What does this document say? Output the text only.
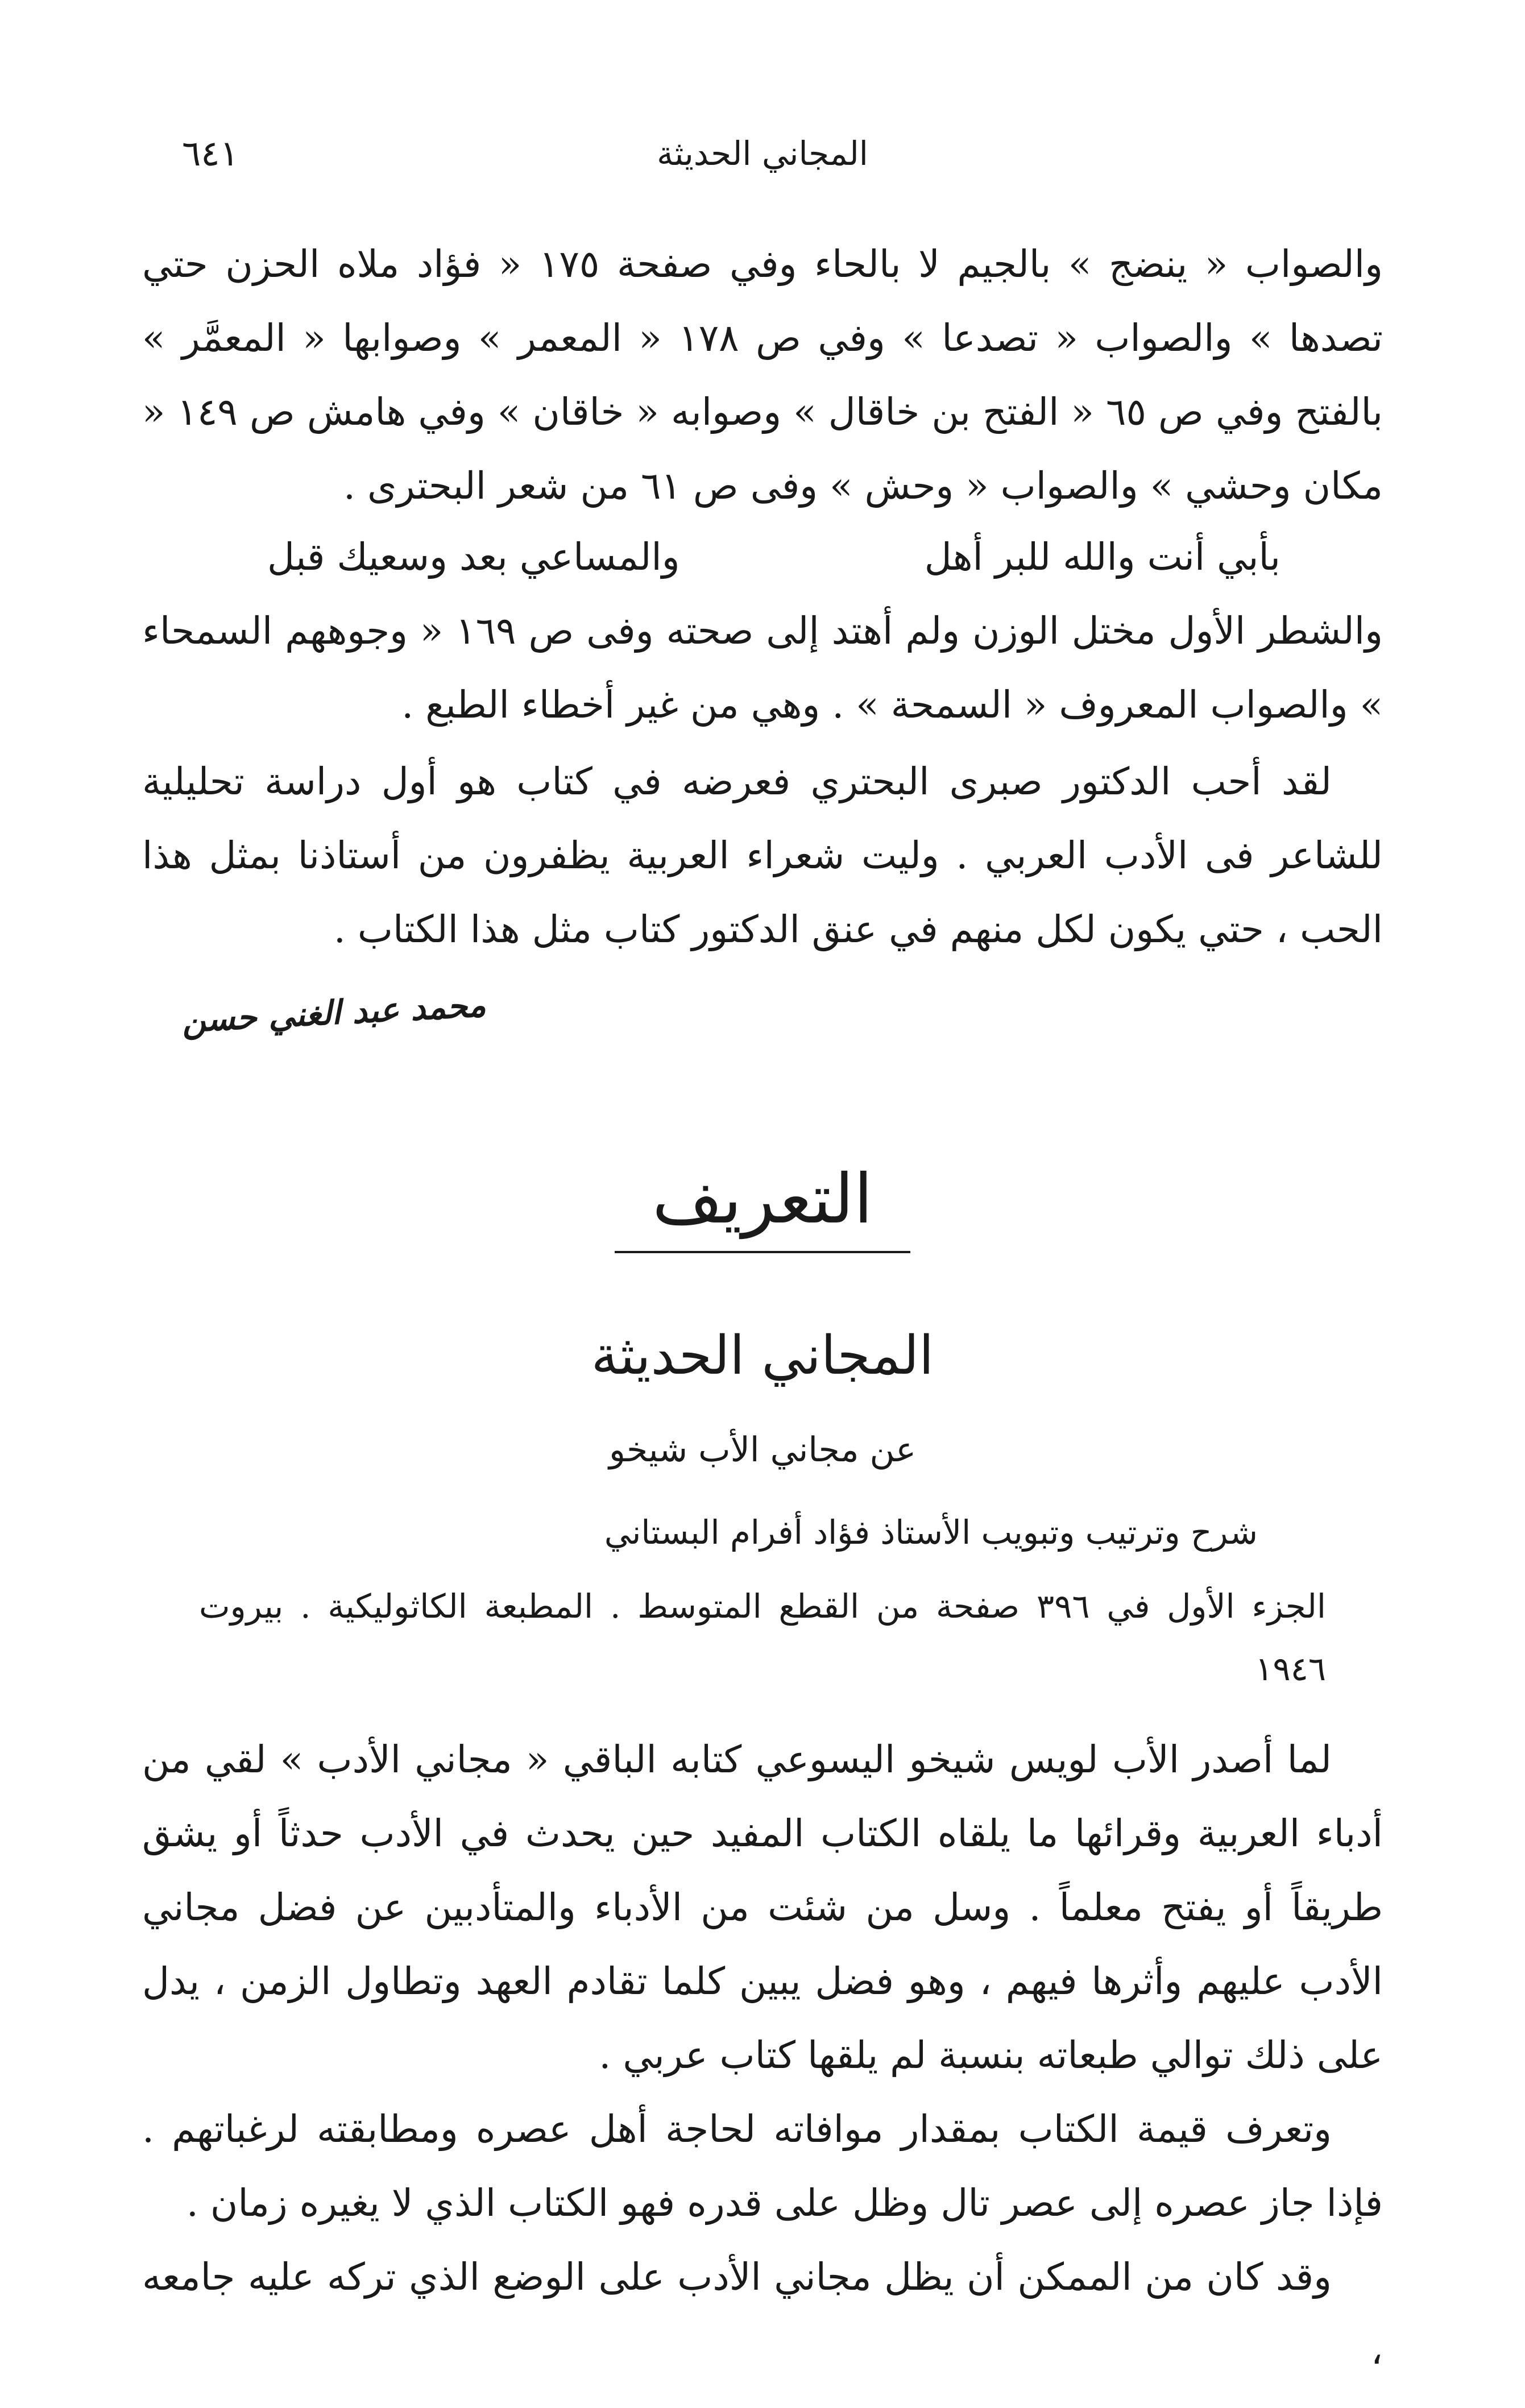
٦٤١	المجاني الحديثة

والصواب « ينضج » بالجيم لا بالحاء وفي صفحة ١٧٥ « فؤاد ملاه الحزن حتي تصدها » والصواب « تصدعا » وفي ص ١٧٨ « المعمر » وصوابها « المعمَّر » بالفتح وفي ص ٦٥ « الفتح بن خاقال » وصوابه « خاقان » وفي هامش ص ١٤٩ « مكان وحشي » والصواب « وحش » وفى ص ٦١ من شعر البحترى .

بأبي أنت والله للبر أهل
والمساعي بعد وسعيك قبل

والشطر الأول مختل الوزن ولم أهتد إلى صحته وفى ص ١٦٩ « وجوههم السمحاء » والصواب المعروف « السمحة » . وهي من غير أخطاء الطبع .

لقد أحب الدكتور صبرى البحتري فعرضه في كتاب هو أول دراسة تحليلية للشاعر فى الأدب العربي . وليت شعراء العربية يظفرون من أستاذنا بمثل هذا الحب ، حتي يكون لكل منهم في عنق الدكتور كتاب مثل هذا الكتاب .

محمد عبد الغني حسن
التعريف
المجاني الحديثة
عن مجاني الأب شيخو
شرح وترتيب وتبويب الأستاذ فؤاد أفرام البستاني
الجزء الأول في ٣٩٦ صفحة من القطع المتوسط . المطبعة الكاثوليكية . بيروت ١٩٤٦

لما أصدر الأب لويس شيخو اليسوعي كتابه الباقي « مجاني الأدب » لقي من أدباء العربية وقرائها ما يلقاه الكتاب المفيد حين يحدث في الأدب حدثاً أو يشق طريقاً أو يفتح معلماً . وسل من شئت من الأدباء والمتأدبين عن فضل مجاني الأدب عليهم وأثرها فيهم ، وهو فضل يبين كلما تقادم العهد وتطاول الزمن ، يدل على ذلك توالي طبعاته بنسبة لم يلقها كتاب عربي .

وتعرف قيمة الكتاب بمقدار موافاته لحاجة أهل عصره ومطابقته لرغباتهم . فإذا جاز عصره إلى عصر تال وظل على قدره فهو الكتاب الذي لا يغيره زمان .

وقد كان من الممكن أن يظل مجاني الأدب على الوضع الذي تركه عليه جامعه ،
